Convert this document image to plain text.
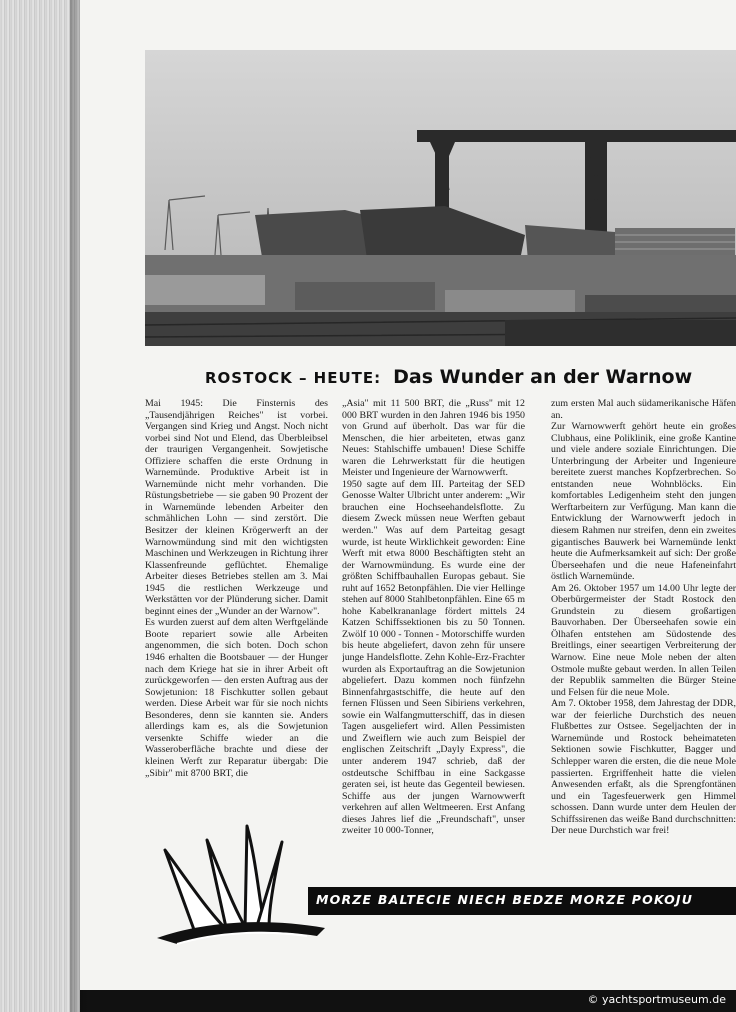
ROSTOCK – HEUTE: Das Wunder an der Warnow

Mai 1945: Die Finsternis des „Tausendjährigen Reiches" ist vorbei. Vergangen sind Krieg und Angst. Noch nicht vorbei sind Not und Elend, das Überbleibsel der traurigen Vergangenheit. Sowjetische Offiziere schaffen die erste Ordnung in Warnemünde. Produktive Arbeit ist in Warnemünde nicht mehr vorhanden. Die Rüstungsbetriebe — sie gaben 90 Prozent der in Warnemünde lebenden Arbeiter den schmählichen Lohn — sind zerstört. Die Besitzer der kleinen Krögerwerft an der Warnowmündung sind mit den wichtigsten Maschinen und Werkzeugen in Richtung ihrer Klassenfreunde geflüchtet. Ehemalige Arbeiter dieses Betriebes stellen am 3. Mai 1945 die restlichen Werkzeuge und Werkstätten vor der Plünderung sicher. Damit beginnt eines der „Wunder an der Warnow".

Es wurden zuerst auf dem alten Werftgelände Boote repariert sowie alle Arbeiten angenommen, die sich boten. Doch schon 1946 erhalten die Bootsbauer — der Hunger nach dem Kriege hat sie in ihrer Arbeit oft zurückgeworfen — den ersten Auftrag aus der Sowjetunion: 18 Fischkutter sollen gebaut werden. Diese Arbeit war für sie noch nichts Besonderes, denn sie kannten sie. Anders allerdings kam es, als die Sowjetunion versenkte Schiffe wieder an die Wasseroberfläche brachte und diese der kleinen Werft zur Reparatur übergab: Die „Sibir" mit 8700 BRT, die

„Asia" mit 11 500 BRT, die „Russ" mit 12 000 BRT wurden in den Jahren 1946 bis 1950 von Grund auf überholt. Das war für die Menschen, die hier arbeiteten, etwas ganz Neues: Stahlschiffe umbauen! Diese Schiffe waren die Lehrwerkstatt für die heutigen Meister und Ingenieure der Warnowwerft.

1950 sagte auf dem III. Parteitag der SED Genosse Walter Ulbricht unter anderem: „Wir brauchen eine Hochseehandelsflotte. Zu diesem Zweck müssen neue Werften gebaut werden." Was auf dem Parteitag gesagt wurde, ist heute Wirklichkeit geworden: Eine Werft mit etwa 8000 Beschäftigten steht an der Warnowmündung. Es wurde eine der größten Schiffbauhallen Europas gebaut. Sie ruht auf 1652 Betonpfählen. Die vier Hellinge stehen auf 8000 Stahlbetonpfählen. Eine 65 m hohe Kabelkrananlage fördert mittels 24 Katzen Schiffssektionen bis zu 50 Tonnen. Zwölf 10 000 - Tonnen - Motorschiffe wurden bis heute abgeliefert, davon zehn für unsere junge Handelsflotte. Zehn Kohle-Erz-Frachter wurden als Exportauftrag an die Sowjetunion abgeliefert. Dazu kommen noch fünfzehn Binnenfahrgastschiffe, die heute auf den fernen Flüssen und Seen Sibiriens verkehren, sowie ein Walfangmutterschiff, das in diesen Tagen ausgeliefert wird. Allen Pessimisten und Zweiflern wie auch zum Beispiel der englischen Zeitschrift „Dayly Express", die unter anderem 1947 schrieb, daß der ostdeutsche Schiffbau in eine Sackgasse geraten sei, ist heute das Gegenteil bewiesen. Schiffe aus der jungen Warnowwerft verkehren auf allen Weltmeeren. Erst Anfang dieses Jahres lief die „Freundschaft", unser zweiter 10 000-Tonner,

zum ersten Mal auch südamerikanische Häfen an.

Zur Warnowwerft gehört heute ein großes Clubhaus, eine Poliklinik, eine große Kantine und viele andere soziale Einrichtungen. Die Unterbringung der Arbeiter und Ingenieure bereitete zuerst manches Kopfzerbrechen. So entstanden neue Wohnblöcks. Ein komfortables Ledigenheim steht den jungen Werftarbeitern zur Verfügung. Man kann die Entwicklung der Warnowwerft jedoch in diesem Rahmen nur streifen, denn ein zweites gigantisches Bauwerk bei Warnemünde lenkt heute die Aufmerksamkeit auf sich: Der große Überseehafen und die neue Hafeneinfahrt östlich Warnemünde.

Am 26. Oktober 1957 um 14.00 Uhr legte der Oberbürgermeister der Stadt Rostock den Grundstein zu diesem großartigen Bauvorhaben. Der Überseehafen sowie ein Ölhafen entstehen am Südostende des Breitlings, einer seeartigen Verbreiterung der Warnow. Eine neue Mole neben der alten Ostmole mußte gebaut werden. In allen Teilen der Republik sammelten die Bürger Steine und Felsen für die neue Mole.

Am 7. Oktober 1958, dem Jahrestag der DDR, war der feierliche Durchstich des neuen Flußbettes zur Ostsee. Segeljachten der in Warnemünde und Rostock beheimateten Sektionen sowie Fischkutter, Bagger und Schlepper waren die ersten, die die neue Mole passierten. Ergriffenheit hatte die vielen Anwesenden erfaßt, als die Sprengfontänen und ein Tagesfeuerwerk gen Himmel schossen. Dann wurde unter dem Heulen der Schiffssirenen das weiße Band durchschnitten: Der neue Durchstich war frei!

MORZE BALTECIE NIECH BEDZE MORZE POKOJU
© yachtsportmuseum.de
